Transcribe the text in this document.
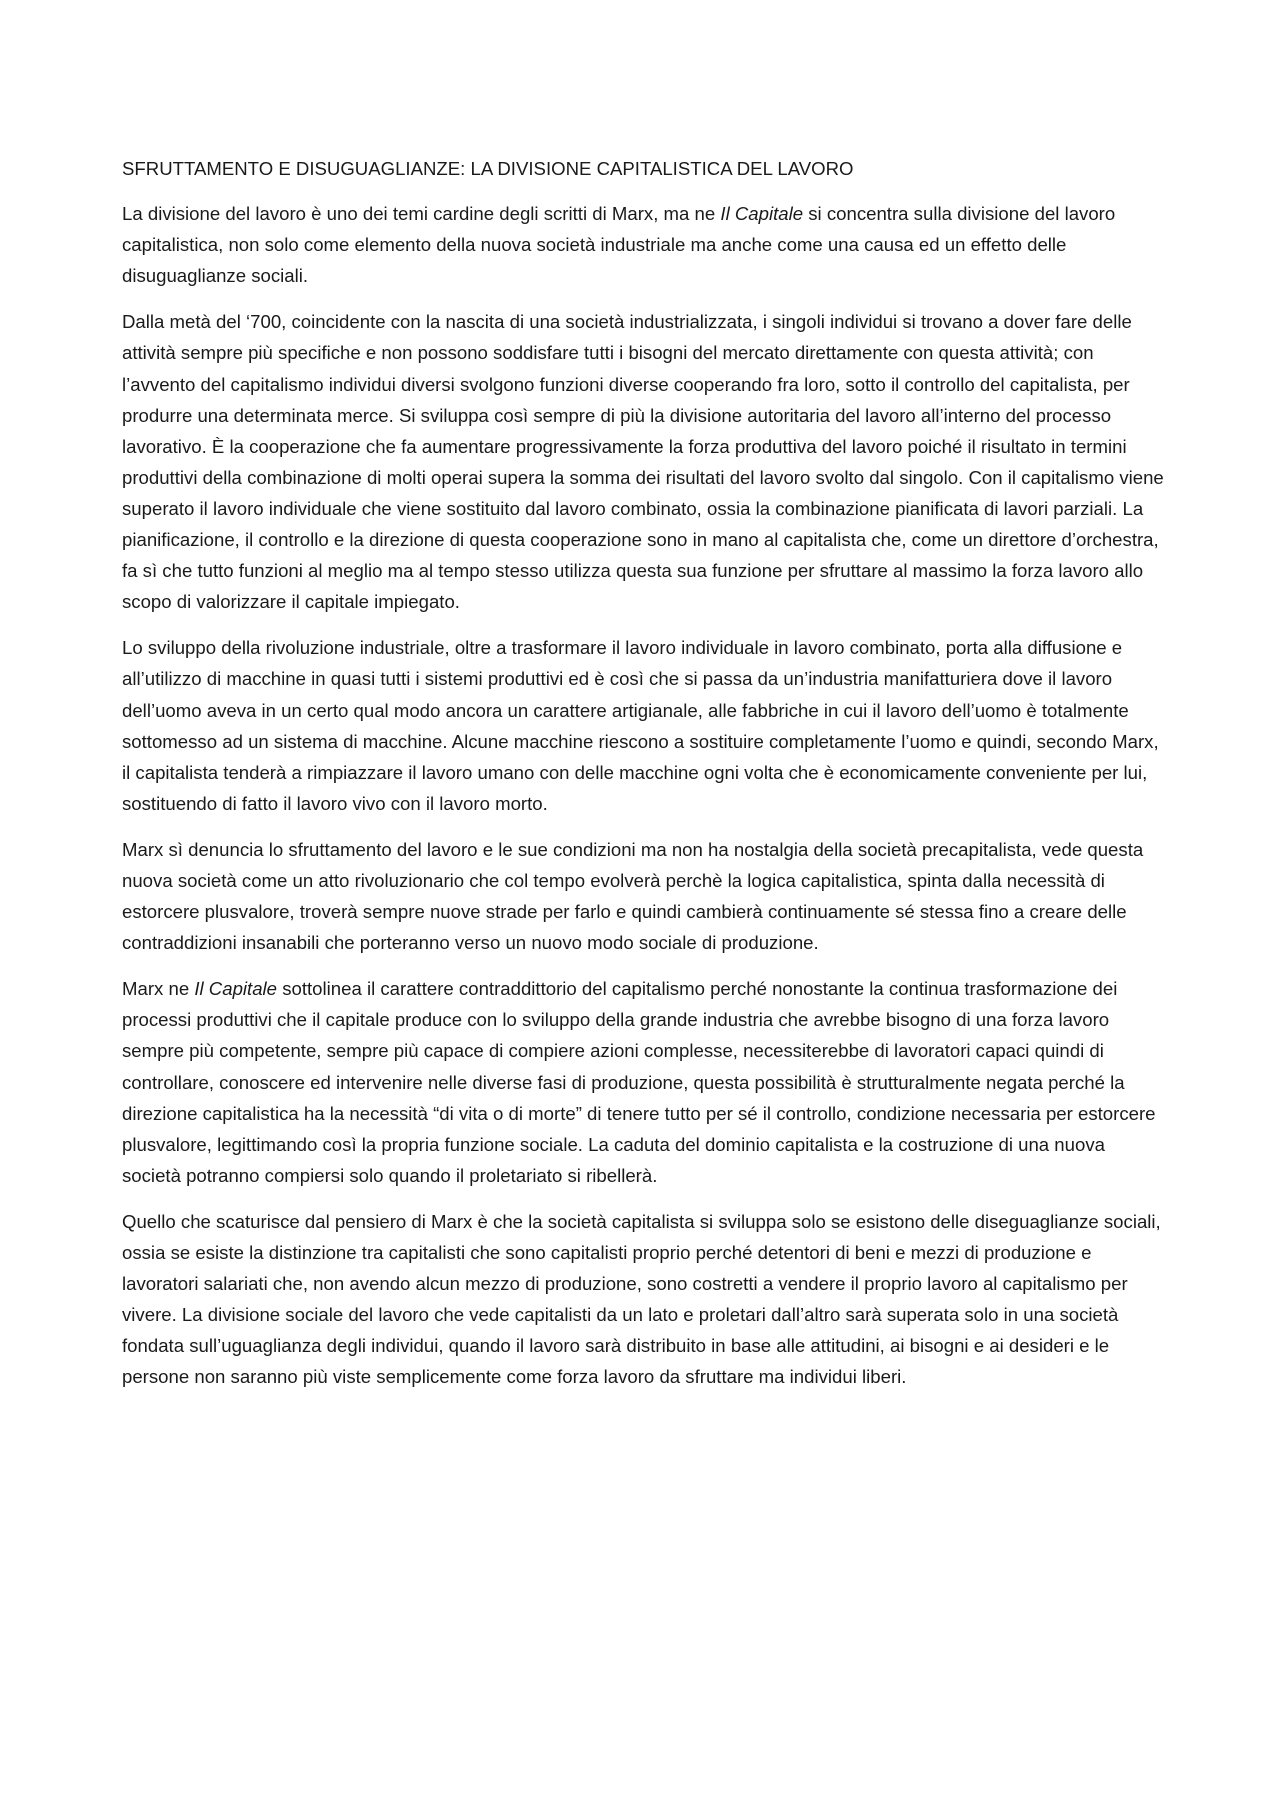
SFRUTTAMENTO E DISUGUAGLIANZE: LA DIVISIONE CAPITALISTICA DEL LAVORO

La divisione del lavoro è uno dei temi cardine degli scritti di Marx, ma ne Il Capitale si concentra sulla divisione del lavoro capitalistica, non solo come elemento della nuova società industriale ma anche come una causa ed un effetto delle disuguaglianze sociali.

Dalla metà del ‘700, coincidente con la nascita di una società industrializzata, i singoli individui si trovano a dover fare delle attività sempre più specifiche e non possono soddisfare tutti i bisogni del mercato direttamente con questa attività; con l’avvento del capitalismo individui diversi svolgono funzioni diverse cooperando fra loro, sotto il controllo del capitalista, per produrre una determinata merce. Si sviluppa così sempre di più la divisione autoritaria del lavoro all’interno del processo lavorativo. È la cooperazione che fa aumentare progressivamente la forza produttiva del lavoro poiché il risultato in termini produttivi della combinazione di molti operai supera la somma dei risultati del lavoro svolto dal singolo. Con il capitalismo viene superato il lavoro individuale che viene sostituito dal lavoro combinato, ossia la combinazione pianificata di lavori parziali. La pianificazione, il controllo e la direzione di questa cooperazione sono in mano al capitalista che, come un direttore d’orchestra, fa sì che tutto funzioni al meglio ma al tempo stesso utilizza questa sua funzione per sfruttare al massimo la forza lavoro allo scopo di valorizzare il capitale impiegato.

Lo sviluppo della rivoluzione industriale, oltre a trasformare il lavoro individuale in lavoro combinato, porta alla diffusione e all’utilizzo di macchine in quasi tutti i sistemi produttivi ed è così che si passa da un’industria manifatturiera dove il lavoro dell’uomo aveva in un certo qual modo ancora un carattere artigianale, alle fabbriche in cui il lavoro dell’uomo è totalmente sottomesso ad un sistema di macchine. Alcune macchine riescono a sostituire completamente l’uomo e quindi, secondo Marx, il capitalista tenderà a rimpiazzare il lavoro umano con delle macchine ogni volta che è economicamente conveniente per lui, sostituendo di fatto il lavoro vivo con il lavoro morto.

Marx sì denuncia lo sfruttamento del lavoro e le sue condizioni ma non ha nostalgia della società precapitalista, vede questa nuova società come un atto rivoluzionario che col tempo evolverà perchè la logica capitalistica, spinta dalla necessità di estorcere plusvalore, troverà sempre nuove strade per farlo e quindi cambierà continuamente sé stessa fino a creare delle contraddizioni insanabili che porteranno verso un nuovo modo sociale di produzione.

Marx ne Il Capitale sottolinea il carattere contraddittorio del capitalismo perché nonostante la continua trasformazione dei processi produttivi che il capitale produce con lo sviluppo della grande industria che avrebbe bisogno di una forza lavoro sempre più competente, sempre più capace di compiere azioni complesse, necessiterebbe di lavoratori capaci quindi di controllare, conoscere ed intervenire nelle diverse fasi di produzione, questa possibilità è strutturalmente negata perché la direzione capitalistica ha la necessità “di vita o di morte” di tenere tutto per sé il controllo, condizione necessaria per estorcere plusvalore, legittimando così la propria funzione sociale. La caduta del dominio capitalista e la costruzione di una nuova società potranno compiersi solo quando il proletariato si ribellerà.

Quello che scaturisce dal pensiero di Marx è che la società capitalista si sviluppa solo se esistono delle diseguaglianze sociali, ossia se esiste la distinzione tra capitalisti che sono capitalisti proprio perché detentori di beni e mezzi di produzione e lavoratori salariati che, non avendo alcun mezzo di produzione, sono costretti a vendere il proprio lavoro al capitalismo per vivere. La divisione sociale del lavoro che vede capitalisti da un lato e proletari dall’altro sarà superata solo in una società fondata sull’uguaglianza degli individui, quando il lavoro sarà distribuito in base alle attitudini, ai bisogni e ai desideri e le persone non saranno più viste semplicemente come forza lavoro da sfruttare ma individui liberi.
